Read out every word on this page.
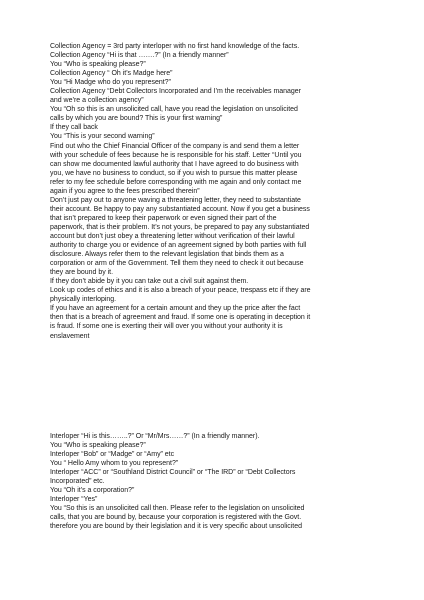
Collection Agency = 3rd party interloper with no first hand knowledge of the facts.
Collection Agency “Hi is that …….?” (In a friendly manner”
You “Who is speaking please?”
Collection Agency “ Oh it’s Madge here”
You “Hi Madge who do you represent?”
Collection Agency “Debt Collectors Incorporated and I’m the receivables manager
and we’re a collection agency”
You “Oh so this is an unsolicited call, have you read the legislation on unsolicited
calls by which you are bound? This is your first warning”
If they call back
You “This is your second warning”
Find out who the Chief Financial Officer of the company is and send them a letter
with your schedule of fees because he is responsible for his staff. Letter “Until you
can show me documented lawful authority that I have agreed to do business with
you, we have no business to conduct, so if you wish to pursue this matter please
refer to my fee schedule before corresponding with me again and only contact me
again if you agree to the fees prescribed therein”
Don’t just pay out to anyone waving a threatening letter, they need to substantiate
their account. Be happy to pay any substantiated account. Now if you get a business
that isn’t prepared to keep their paperwork or even signed their part of the
paperwork, that is their problem. It’s not yours, be prepared to pay any substantiated
account but don’t just obey a threatening letter without verification of their lawful
authority to charge you or evidence of an agreement signed by both parties with full
disclosure. Always refer them to the relevant legislation that binds them as a
corporation or arm of the Government. Tell them they need to check it out because
they are bound by it.
If they don’t abide by it you can take out a civil suit against them.
Look up codes of ethics and it is also a breach of your peace, trespass etc if they are
physically interloping.
If you have an agreement for a certain amount and they up the price after the fact
then that is a breach of agreement and fraud. If some one is operating in deception it
is fraud. If some one is exerting their will over you without your authority it is
enslavement
Interloper “Hi is this……..?” Or “Mr/Mrs……?” (In a friendly manner).
You “Who is speaking please?”
Interloper “Bob” or “Madge” or “Amy” etc
You “ Hello Amy whom to you represent?”
Interloper “ACC” or “Southland District Council” or “The IRD” or “Debt Collectors
Incorporated” etc.
You “Oh it’s a corporation?”
Interloper “Yes”
You “So this is an unsolicited call then. Please refer to the legislation on unsolicited
calls, that you are bound by, because your corporation is registered with the Govt.
therefore you are bound by their legislation and it is very specific about unsolicited
